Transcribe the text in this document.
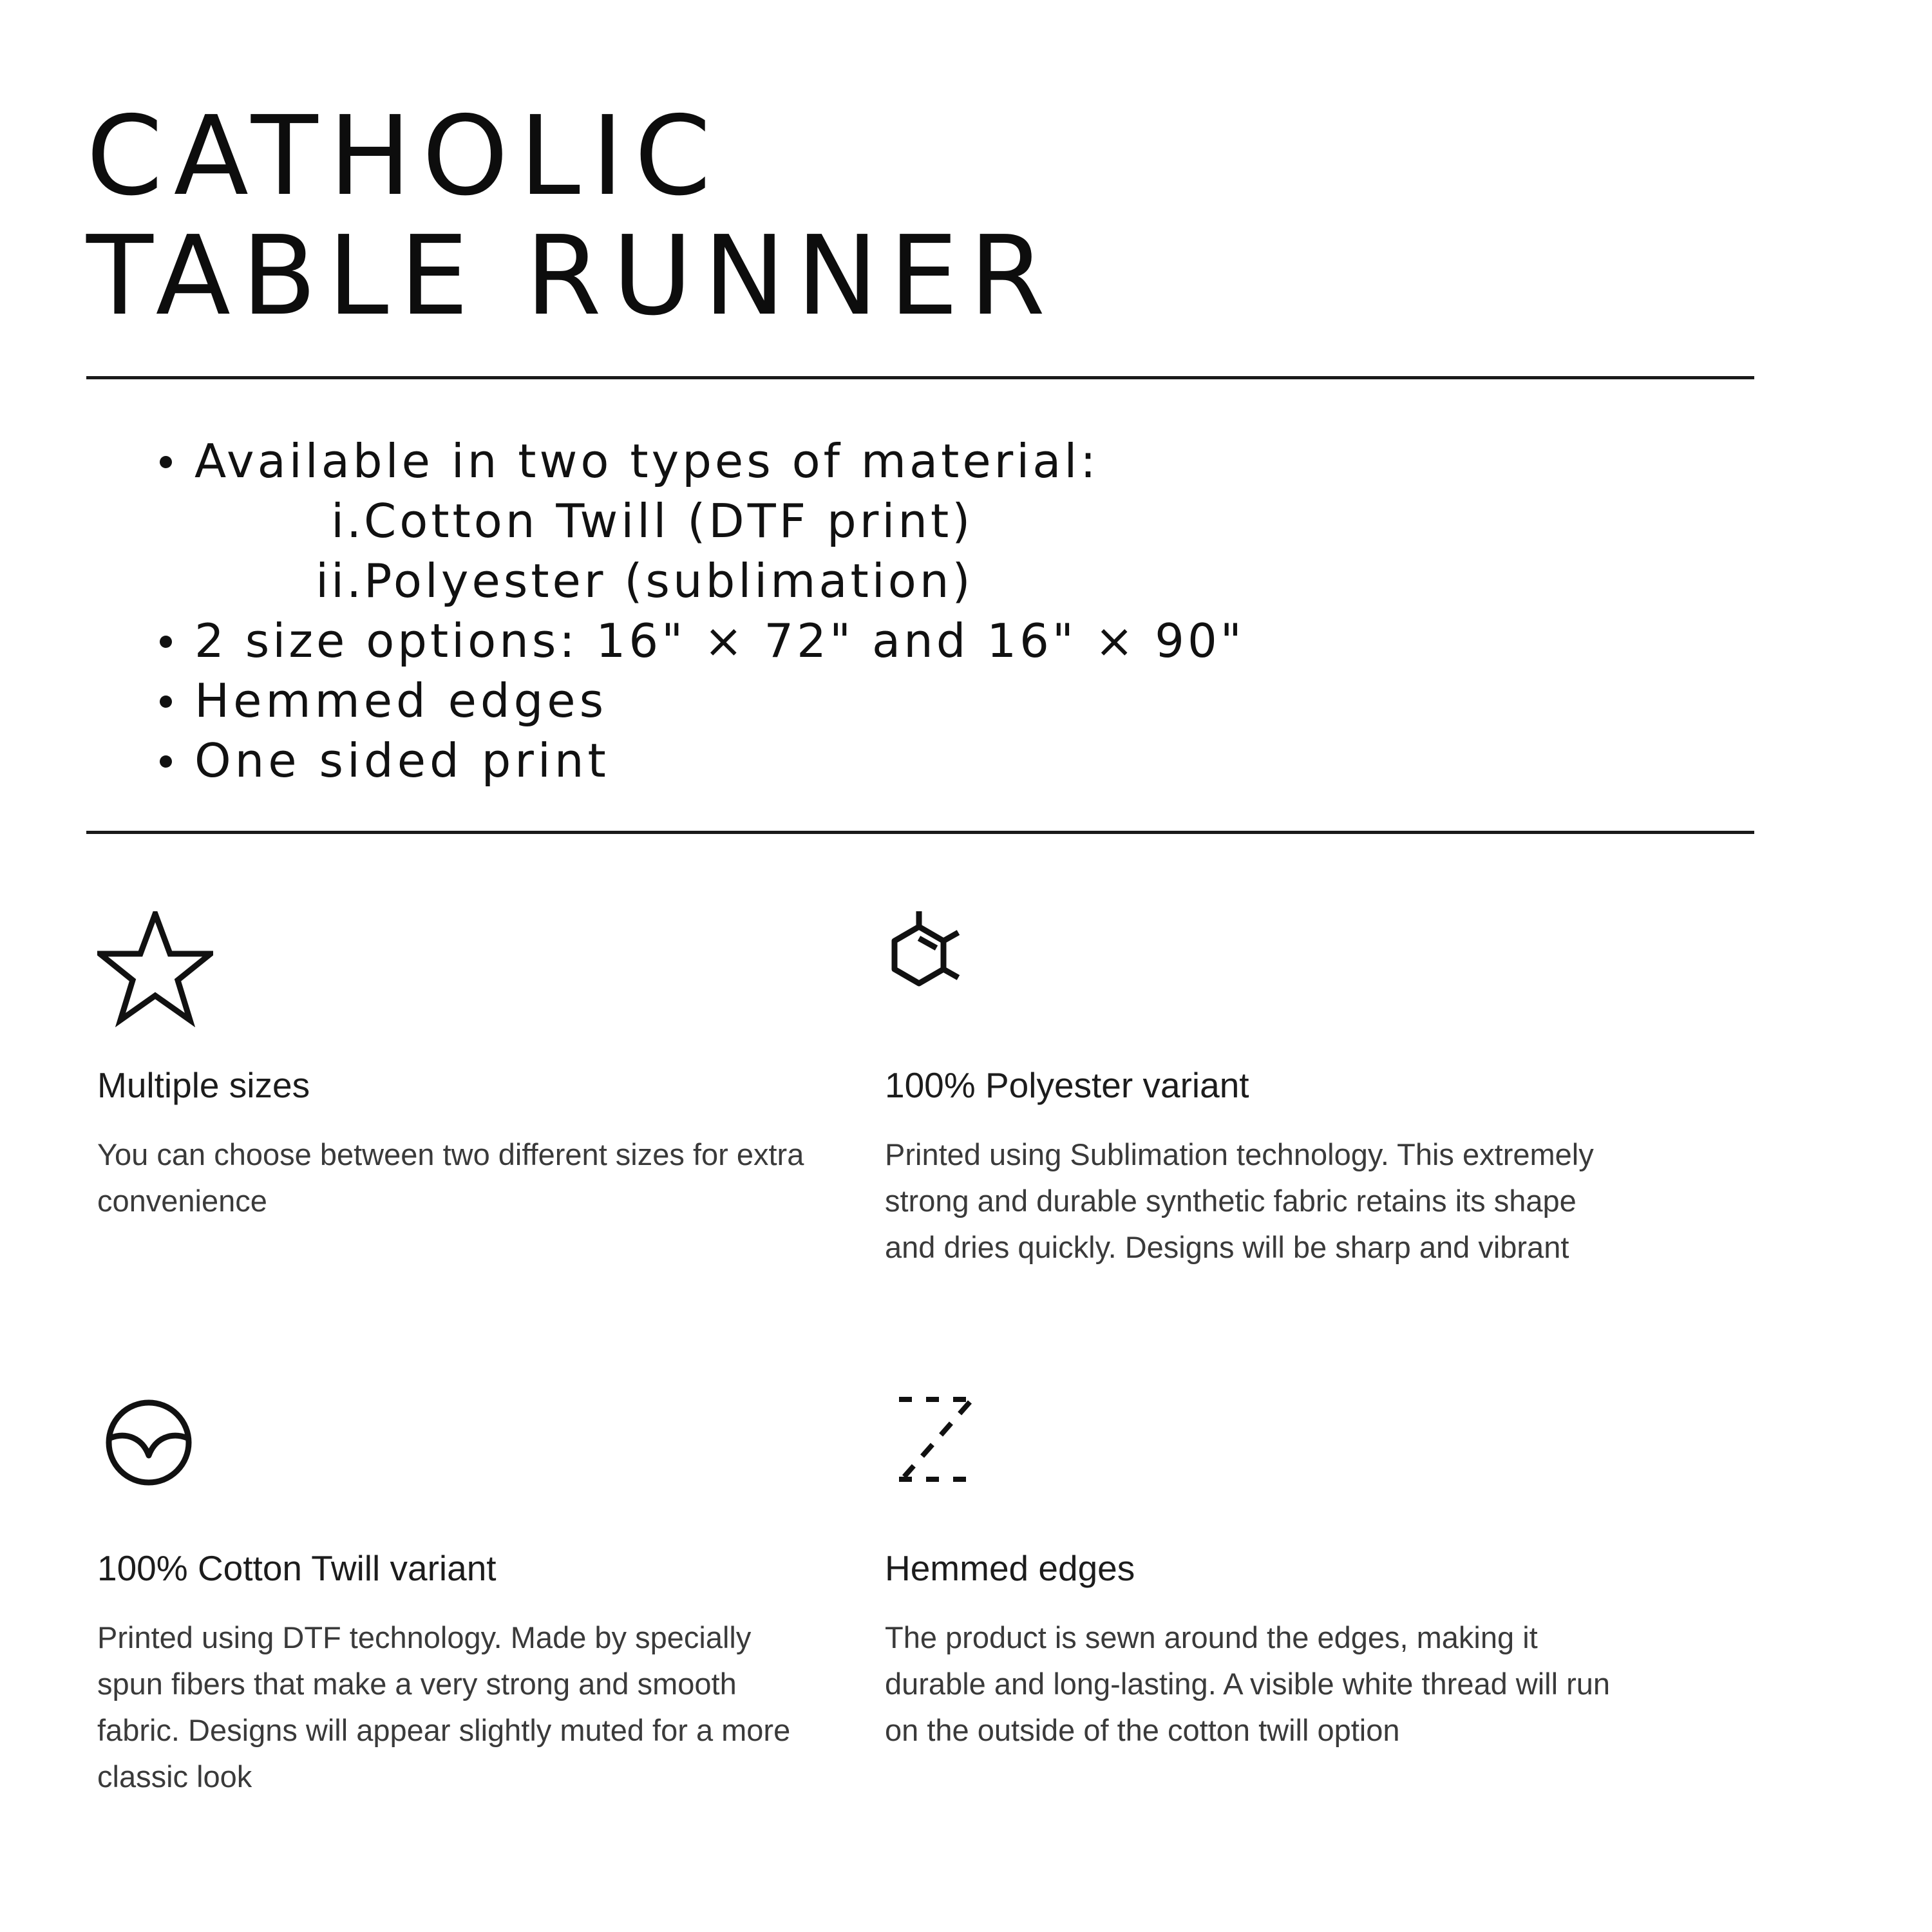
CATHOLIC
TABLE RUNNER
Available in two types of material:
i.Cotton Twill (DTF print)
ii.Polyester (sublimation)
2 size options: 16" × 72" and 16" × 90"
Hemmed edges
One sided print
Multiple sizes

You can choose between two different sizes for extra convenience

100% Polyester variant

Printed using Sublimation technology. This extremely strong and durable synthetic fabric retains its shape and dries quickly. Designs will be sharp and vibrant

100% Cotton Twill variant

Printed using DTF technology. Made by specially spun fibers that make a very strong and smooth fabric. Designs will appear slightly muted for a more classic look

Hemmed edges

The product is sewn around the edges, making it durable and long-lasting. A visible white thread will run on the outside of the cotton twill option
